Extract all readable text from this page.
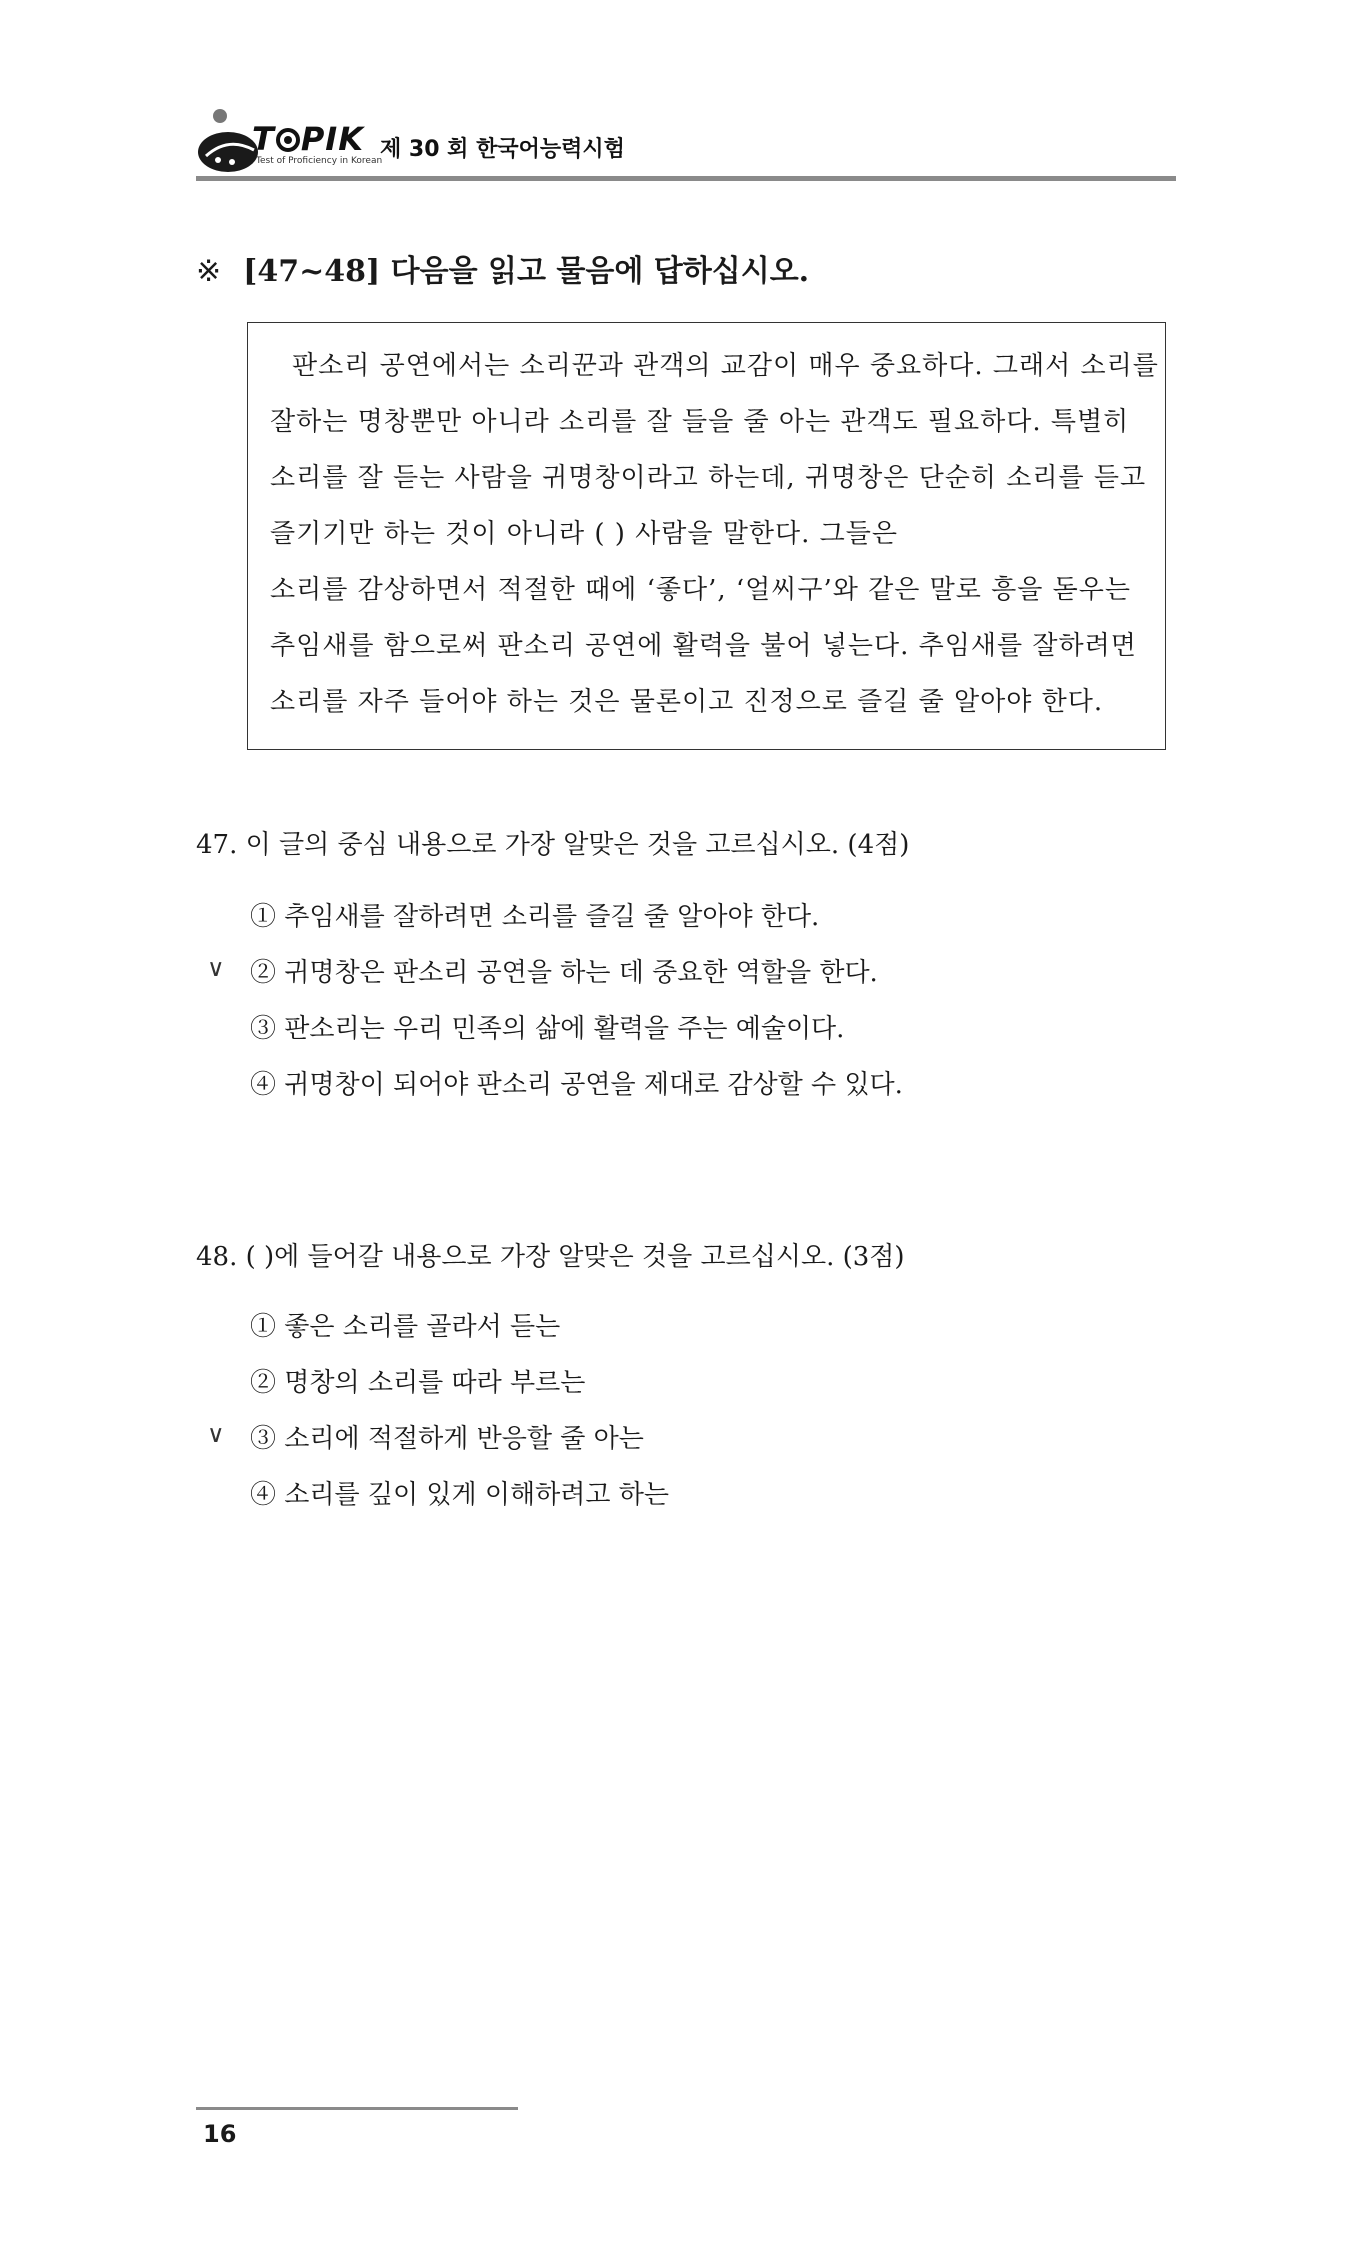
T PIK
Test of Proficiency in Korean
제 30 회 한국어능력시험
※ [47~48] 다음을 읽고 물음에 답하십시오.
판소리 공연에서는 소리꾼과 관객의 교감이 매우 중요하다. 그래서 소리를
잘하는 명창뿐만 아니라 소리를 잘 들을 줄 아는 관객도 필요하다. 특별히
소리를 잘 듣는 사람을 귀명창이라고 하는데, 귀명창은 단순히 소리를 듣고
즐기기만 하는 것이 아니라 ( ) 사람을 말한다. 그들은
소리를 감상하면서 적절한 때에 ‘좋다’, ‘얼씨구’와 같은 말로 흥을 돋우는
추임새를 함으로써 판소리 공연에 활력을 불어 넣는다. 추임새를 잘하려면
소리를 자주 들어야 하는 것은 물론이고 진정으로 즐길 줄 알아야 한다.
47. 이 글의 중심 내용으로 가장 알맞은 것을 고르십시오. (4점)
① 추임새를 잘하려면 소리를 즐길 줄 알아야 한다.
∨ ② 귀명창은 판소리 공연을 하는 데 중요한 역할을 한다.
③ 판소리는 우리 민족의 삶에 활력을 주는 예술이다.
④ 귀명창이 되어야 판소리 공연을 제대로 감상할 수 있다.
48. ( )에 들어갈 내용으로 가장 알맞은 것을 고르십시오. (3점)
① 좋은 소리를 골라서 듣는
② 명창의 소리를 따라 부르는
∨ ③ 소리에 적절하게 반응할 줄 아는
④ 소리를 깊이 있게 이해하려고 하는
16
